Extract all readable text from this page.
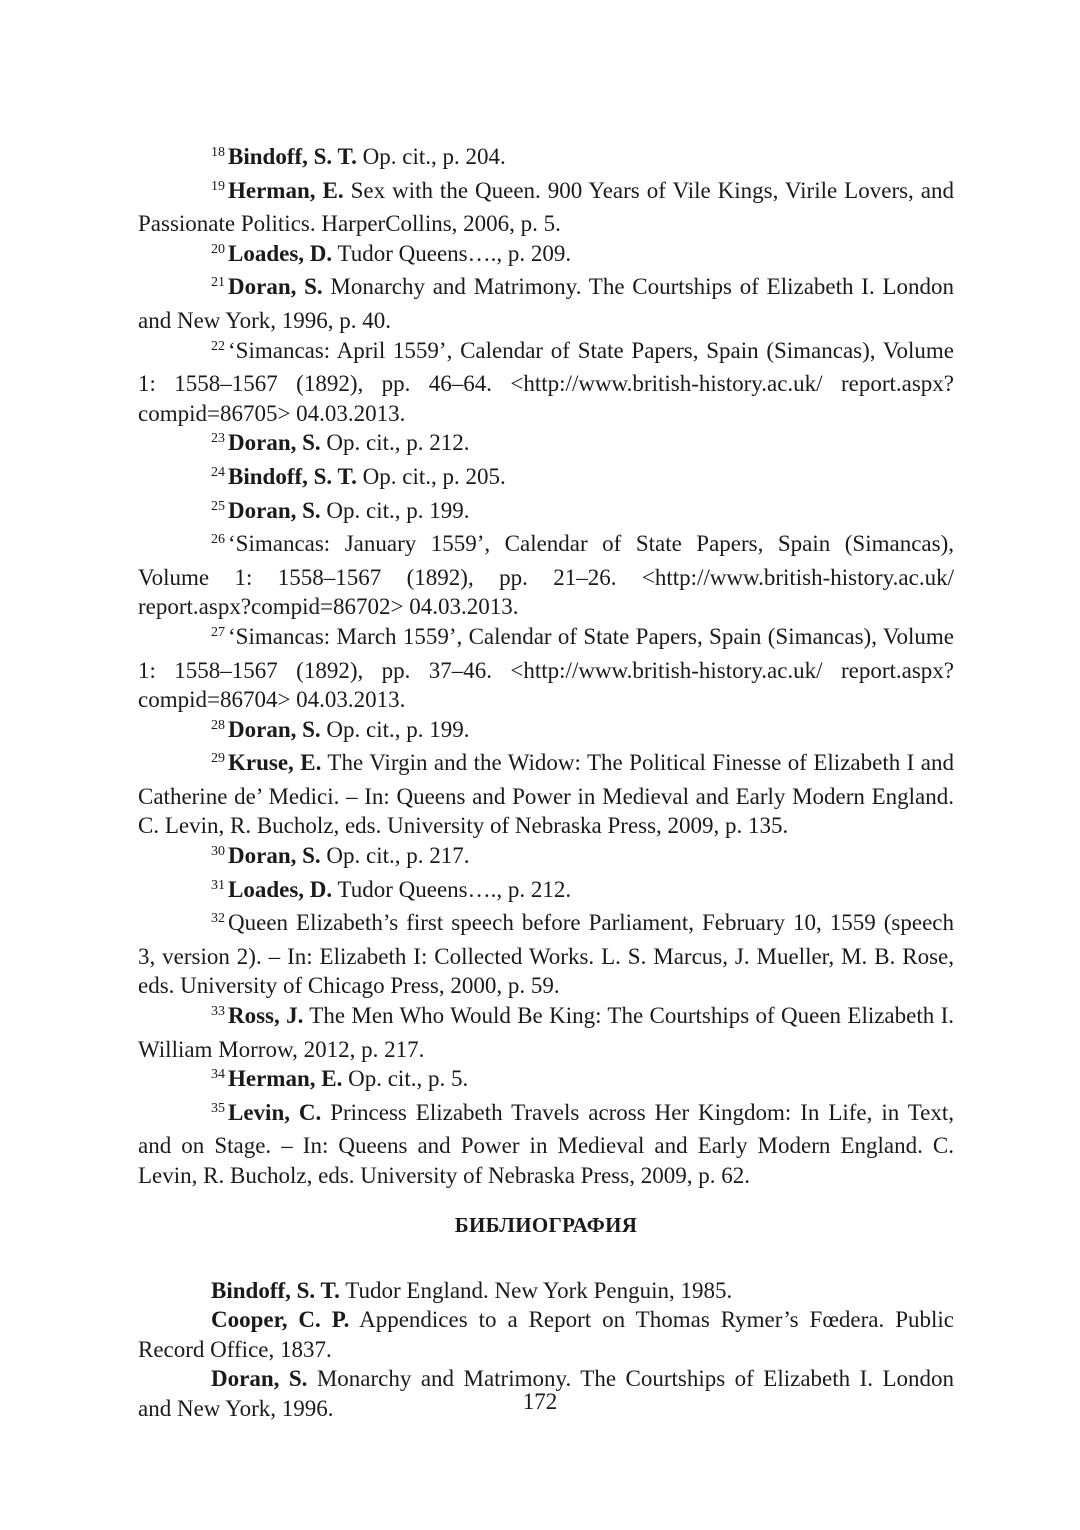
$^{18}$ Bindoff, S. T. Op. cit., p. 204.

$^{19}$ Herman, E. Sex with the Queen. 900 Years of Vile Kings, Virile Lovers, and Passionate Politics. HarperCollins, 2006, p. 5.

$^{20}$ Loades, D. Tudor Queens…., p. 209.

$^{21}$ Doran, S. Monarchy and Matrimony. The Courtships of Elizabeth I. London and New York, 1996, p. 40.

$^{22}$ ‘Simancas: April 1559’, Calendar of State Papers, Spain (Simancas), Volume 1: 1558–1567 (1892), pp. 46–64. <http://www.british-history.ac.uk/ report.aspx?compid=86705> 04.03.2013.

$^{23}$ Doran, S. Op. cit., p. 212.

$^{24}$ Bindoff, S. T. Op. cit., p. 205.

$^{25}$ Doran, S. Op. cit., p. 199.

$^{26}$ ‘Simancas: January 1559’, Calendar of State Papers, Spain (Simancas), Volume 1: 1558–1567 (1892), pp. 21–26. <http://www.british-history.ac.uk/ report.aspx?compid=86702> 04.03.2013.

$^{27}$ ‘Simancas: March 1559’, Calendar of State Papers, Spain (Simancas), Volume 1: 1558–1567 (1892), pp. 37–46. <http://www.british-history.ac.uk/ report.aspx?compid=86704> 04.03.2013.

$^{28}$ Doran, S. Op. cit., p. 199.

$^{29}$ Kruse, E. The Virgin and the Widow: The Political Finesse of Elizabeth I and Catherine de’ Medici. – In: Queens and Power in Medieval and Early Modern England. C. Levin, R. Bucholz, eds. University of Nebraska Press, 2009, p. 135.

$^{30}$ Doran, S. Op. cit., p. 217.

$^{31}$ Loades, D. Tudor Queens…., p. 212.

$^{32}$ Queen Elizabeth’s first speech before Parliament, February 10, 1559 (speech 3, version 2). – In: Elizabeth I: Collected Works. L. S. Marcus, J. Mueller, M. B. Rose, eds. University of Chicago Press, 2000, p. 59.

$^{33}$ Ross, J. The Men Who Would Be King: The Courtships of Queen Elizabeth I. William Morrow, 2012, p. 217.

$^{34}$ Herman, E. Op. cit., p. 5.

$^{35}$ Levin, C. Princess Elizabeth Travels across Her Kingdom: In Life, in Text, and on Stage. – In: Queens and Power in Medieval and Early Modern England. C. Levin, R. Bucholz, eds. University of Nebraska Press, 2009, p. 62.

БИБЛИОГРАФИЯ

Bindoff, S. T. Tudor England. New York Penguin, 1985.

Cooper, C. P. Appendices to a Report on Thomas Rymer’s Fœdera. Public Record Office, 1837.

Doran, S. Monarchy and Matrimony. The Courtships of Elizabeth I. London and New York, 1996.	172
